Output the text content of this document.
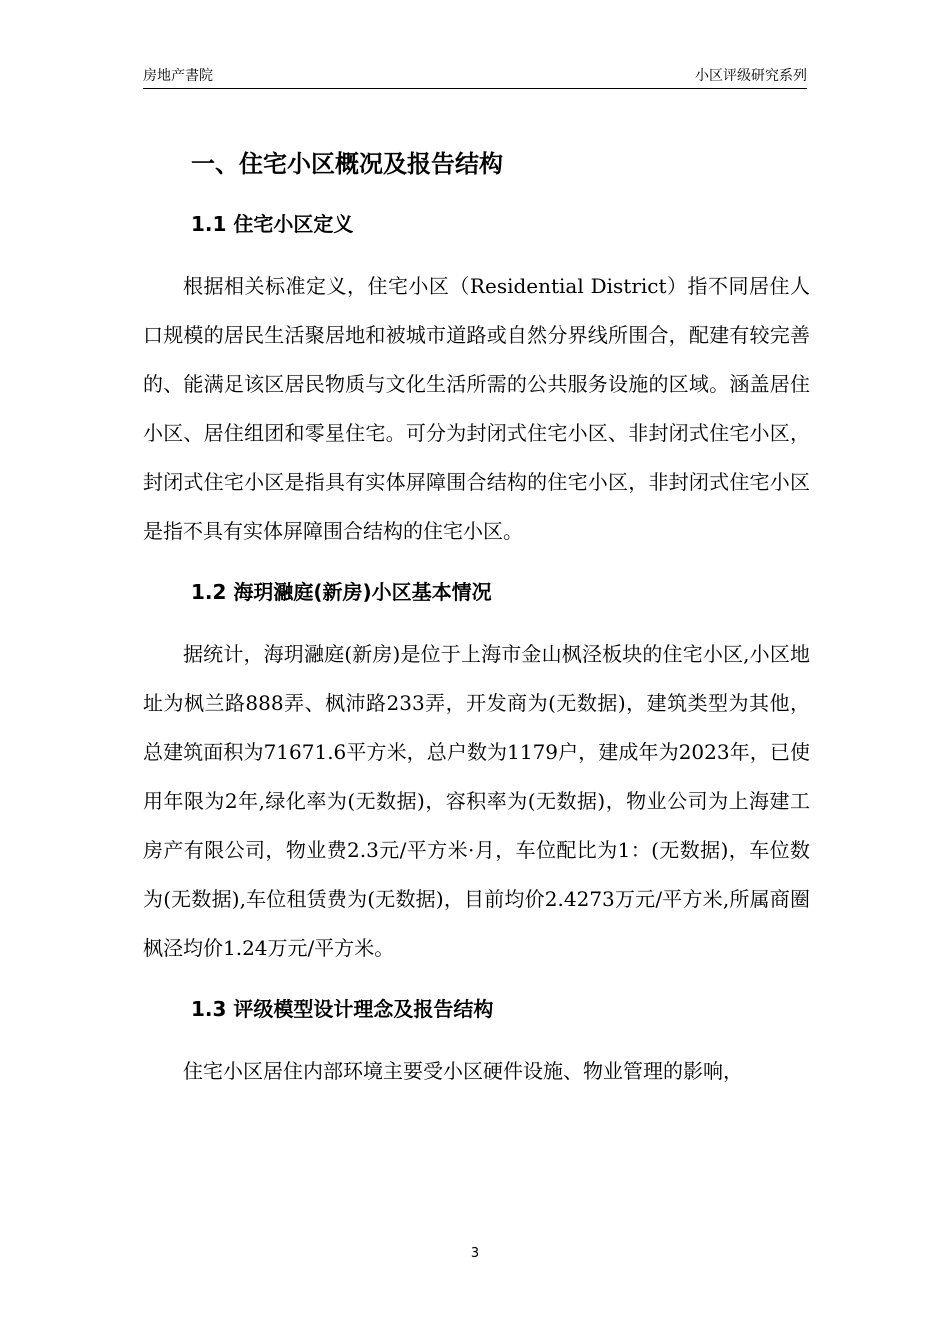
房地产書院	小区评级研究系列
一、住宅小区概况及报告结构
1.1 住宅小区定义

根据相关标准定义，住宅小区（Residential District）指不同居住人口规模的居民生活聚居地和被城市道路或自然分界线所围合，配建有较完善的、能满足该区居民物质与文化生活所需的公共服务设施的区域。涵盖居住小区、居住组团和零星住宅。可分为封闭式住宅小区、非封闭式住宅小区，封闭式住宅小区是指具有实体屏障围合结构的住宅小区，非封闭式住宅小区是指不具有实体屏障围合结构的住宅小区。

1.2 海玥瀜庭(新房)小区基本情况

据统计，海玥瀜庭(新房)是位于上海市金山枫泾板块的住宅小区,小区地址为枫兰路888弄、枫沛路233弄，开发商为(无数据)，建筑类型为其他，总建筑面积为71671.6平方米，总户数为1179户，建成年为2023年，已使用年限为2年,绿化率为(无数据)，容积率为(无数据)，物业公司为上海建工房产有限公司，物业费2.3元/平方米·月，车位配比为1：(无数据)，车位数为(无数据),车位租赁费为(无数据)，目前均价2.4273万元/平方米,所属商圈枫泾均价1.24万元/平方米。

1.3 评级模型设计理念及报告结构

住宅小区居住内部环境主要受小区硬件设施、物业管理的影响，

3
